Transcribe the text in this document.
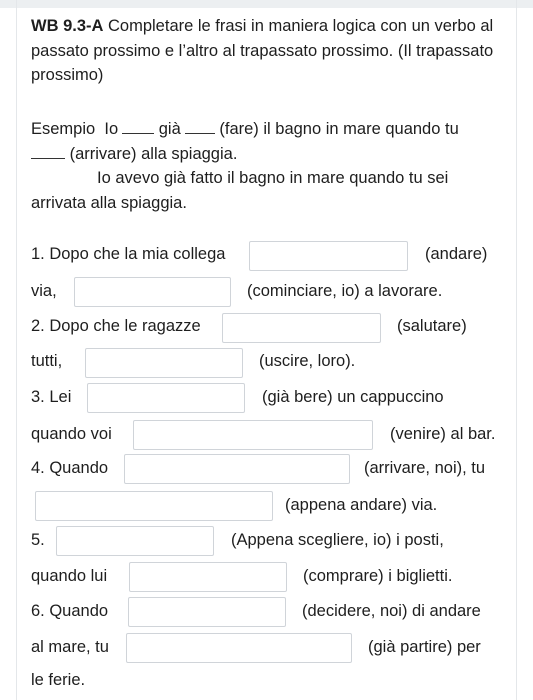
WB 9.3-A Completare le frasi in maniera logica con un verbo al passato prossimo e l’altro al trapassato prossimo. (Il trapassato prossimo)
Esempio Io già (fare) il bagno in mare quando tu
(arrivare) alla spiaggia.
Io avevo già fatto il bagno in mare quando tu sei
arrivata alla spiaggia.
1. Dopo che la mia collega	(andare)
via,	(cominciare, io) a lavorare.
2. Dopo che le ragazze	(salutare)
tutti,	(uscire, loro).
3. Lei	(già bere) un cappuccino
quando voi	(venire) al bar.
4. Quando	(arrivare, noi), tu
(appena andare) via.
5.	(Appena scegliere, io) i posti,
quando lui	(comprare) i biglietti.
6. Quando	(decidere, noi) di andare
al mare, tu	(già partire) per
le ferie.
